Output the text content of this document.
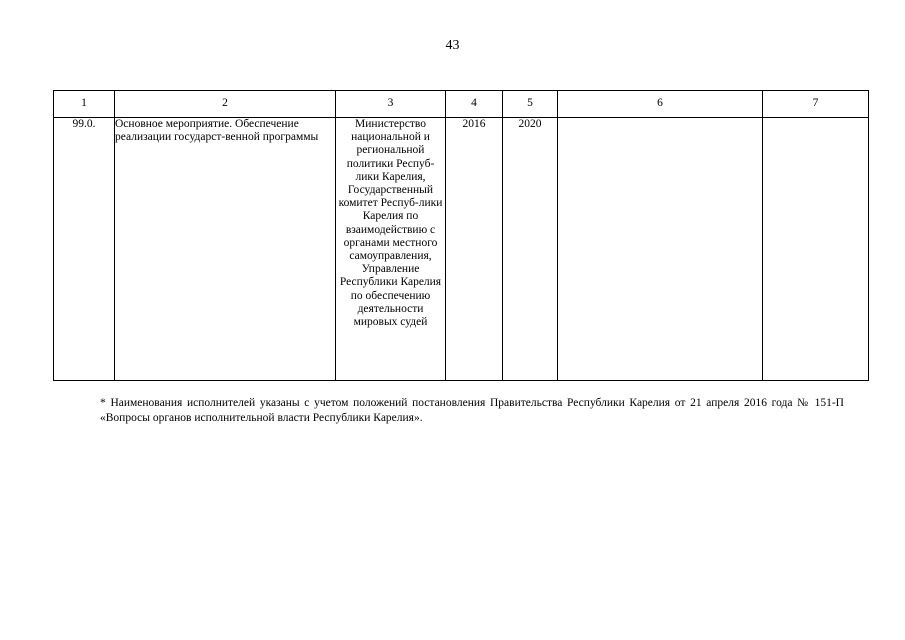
43
1	2	3	4	5	6	7
99.0.	Основное мероприятие. Обеспечение реализации государст-венной программы	Министерство национальной и региональной политики Респуб-лики Карелия, Государственный комитет Респуб-лики Карелия по взаимодействию с органами местного самоуправления, Управление Республики Карелия по обеспечению деятельности мировых судей	2016	2020		
* Наименования исполнителей указаны с учетом положений постановления Правительства Республики Карелия от 21 апреля 2016 года № 151-П «Вопросы органов исполнительной власти Республики Карелия».
